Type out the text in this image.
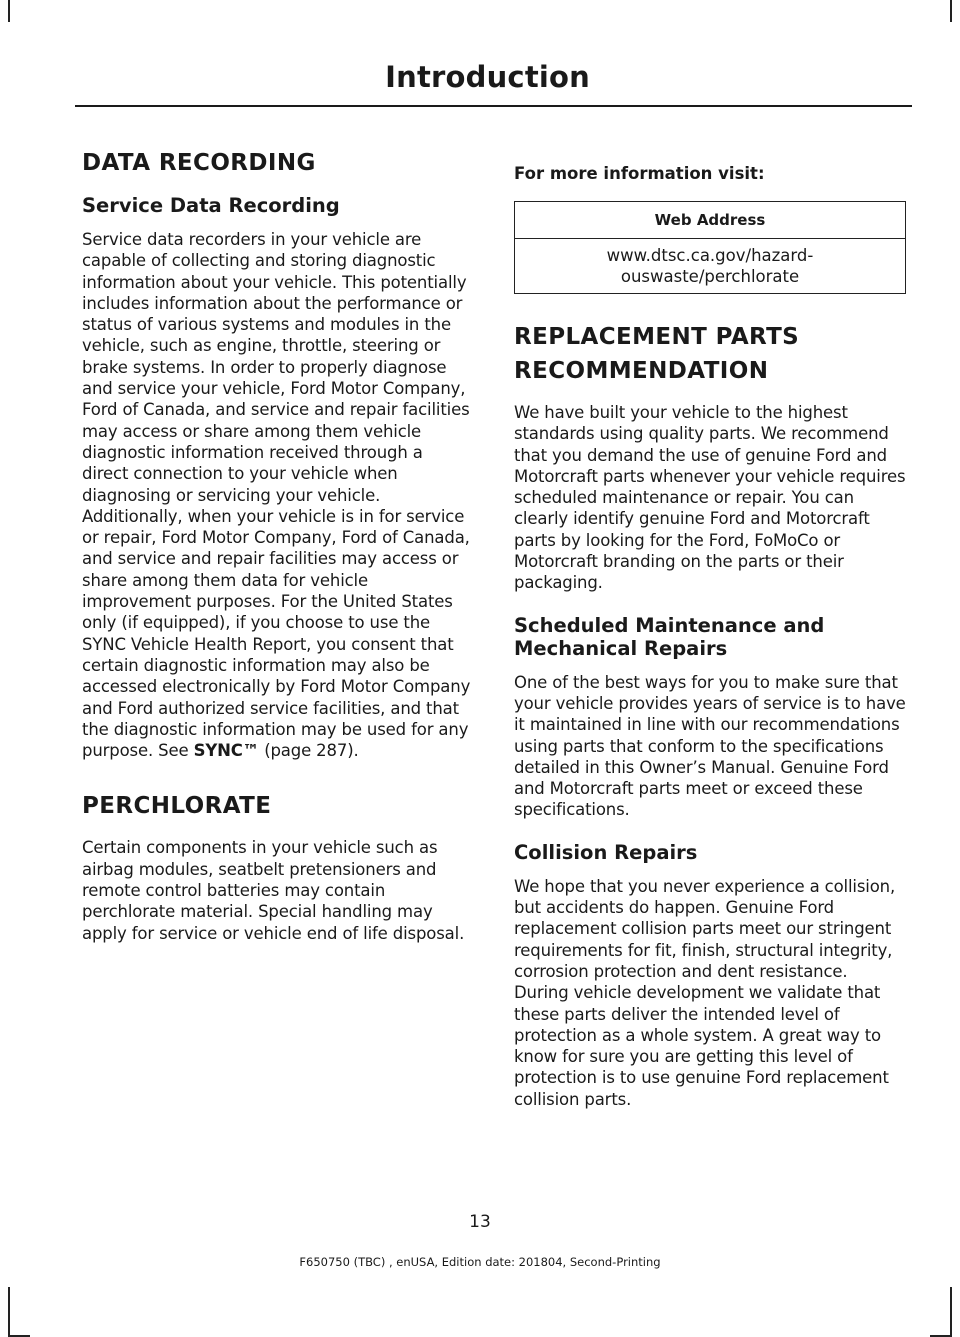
Introduction
DATA RECORDING
Service Data Recording

Service data recorders in your vehicle are capable of collecting and storing diagnostic information about your vehicle. This potentially includes information about the performance or status of various systems and modules in the vehicle, such as engine, throttle, steering or brake systems. In order to properly diagnose and service your vehicle, Ford Motor Company, Ford of Canada, and service and repair facilities may access or share among them vehicle diagnostic information received through a direct connection to your vehicle when diagnosing or servicing your vehicle. Additionally, when your vehicle is in for service or repair, Ford Motor Company, Ford of Canada, and service and repair facilities may access or share among them data for vehicle improvement purposes. For the United States only (if equipped), if you choose to use the SYNC Vehicle Health Report, you consent that certain diagnostic information may also be accessed electronically by Ford Motor Company and Ford authorized service facilities, and that the diagnostic information may be used for any purpose. See SYNC™ (page 287).

PERCHLORATE

Certain components in your vehicle such as airbag modules, seatbelt pretensioners and remote control batteries may contain perchlorate material. Special handling may apply for service or vehicle end of life disposal.

For more information visit:
Web Address
www.dtsc.ca.gov/hazard-ouswaste/perchlorate
REPLACEMENT PARTS
RECOMMENDATION

We have built your vehicle to the highest standards using quality parts. We recommend that you demand the use of genuine Ford and Motorcraft parts whenever your vehicle requires scheduled maintenance or repair. You can clearly identify genuine Ford and Motorcraft parts by looking for the Ford, FoMoCo or Motorcraft branding on the parts or their packaging.

Scheduled Maintenance and Mechanical Repairs

One of the best ways for you to make sure that your vehicle provides years of service is to have it maintained in line with our recommendations using parts that conform to the specifications detailed in this Owner’s Manual. Genuine Ford and Motorcraft parts meet or exceed these specifications.

Collision Repairs

We hope that you never experience a collision, but accidents do happen. Genuine Ford replacement collision parts meet our stringent requirements for fit, finish, structural integrity, corrosion protection and dent resistance. During vehicle development we validate that these parts deliver the intended level of protection as a whole system. A great way to know for sure you are getting this level of protection is to use genuine Ford replacement collision parts.

13
F650750 (TBC) , enUSA, Edition date: 201804, Second-Printing
